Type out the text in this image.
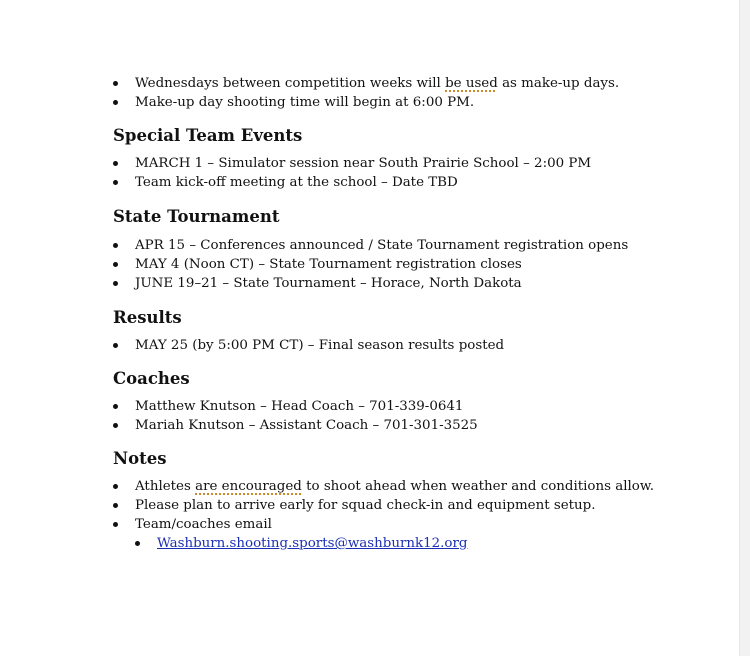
Wednesdays between competition weeks will be used as make-up days.
Make-up day shooting time will begin at 6:00 PM.
Special Team Events
MARCH 1 – Simulator session near South Prairie School – 2:00 PM
Team kick-off meeting at the school – Date TBD
State Tournament
APR 15 – Conferences announced / State Tournament registration opens
MAY 4 (Noon CT) – State Tournament registration closes
JUNE 19–21 – State Tournament – Horace, North Dakota
Results
MAY 25 (by 5:00 PM CT) – Final season results posted
Coaches
Matthew Knutson – Head Coach – 701-339-0641
Mariah Knutson – Assistant Coach – 701-301-3525
Notes
Athletes are encouraged to shoot ahead when weather and conditions allow.
Please plan to arrive early for squad check-in and equipment setup.
Team/coaches email
Washburn.shooting.sports@washburnk12.org
